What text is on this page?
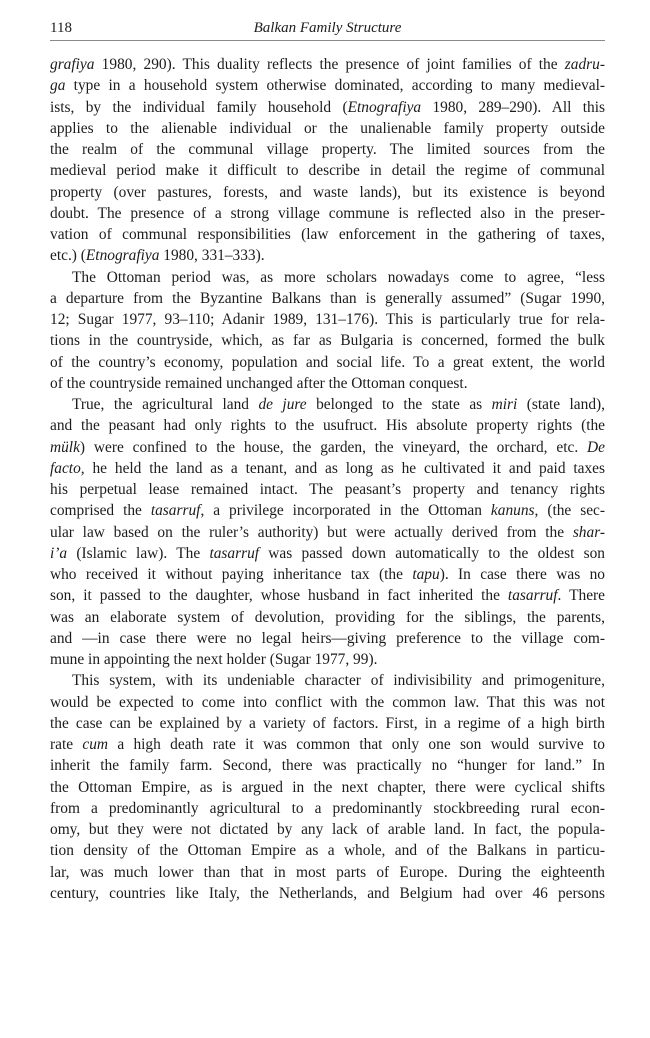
118	Balkan Family Structure
grafiya 1980, 290). This duality reflects the presence of joint families of the zadru-
ga type in a household system otherwise dominated, according to many medieval-
ists, by the individual family household (Etnografiya 1980, 289–290). All this
applies to the alienable individual or the unalienable family property outside
the realm of the communal village property. The limited sources from the
medieval period make it difficult to describe in detail the regime of communal
property (over pastures, forests, and waste lands), but its existence is beyond
doubt. The presence of a strong village commune is reflected also in the preser-
vation of communal responsibilities (law enforcement in the gathering of taxes,
etc.) (Etnografiya 1980, 331–333).
The Ottoman period was, as more scholars nowadays come to agree, “less
a departure from the Byzantine Balkans than is generally assumed” (Sugar 1990,
12; Sugar 1977, 93–110; Adanir 1989, 131–176). This is particularly true for rela-
tions in the countryside, which, as far as Bulgaria is concerned, formed the bulk
of the country’s economy, population and social life. To a great extent, the world
of the countryside remained unchanged after the Ottoman conquest.
True, the agricultural land de jure belonged to the state as miri (state land),
and the peasant had only rights to the usufruct. His absolute property rights (the
mülk) were confined to the house, the garden, the vineyard, the orchard, etc. De
facto, he held the land as a tenant, and as long as he cultivated it and paid taxes
his perpetual lease remained intact. The peasant’s property and tenancy rights
comprised the tasarruf, a privilege incorporated in the Ottoman kanuns, (the sec-
ular law based on the ruler’s authority) but were actually derived from the shar-
i’a (Islamic law). The tasarruf was passed down automatically to the oldest son
who received it without paying inheritance tax (the tapu). In case there was no
son, it passed to the daughter, whose husband in fact inherited the tasarruf. There
was an elaborate system of devolution, providing for the siblings, the parents,
and —in case there were no legal heirs—giving preference to the village com-
mune in appointing the next holder (Sugar 1977, 99).
This system, with its undeniable character of indivisibility and primogeniture,
would be expected to come into conflict with the common law. That this was not
the case can be explained by a variety of factors. First, in a regime of a high birth
rate cum a high death rate it was common that only one son would survive to
inherit the family farm. Second, there was practically no “hunger for land.” In
the Ottoman Empire, as is argued in the next chapter, there were cyclical shifts
from a predominantly agricultural to a predominantly stockbreeding rural econ-
omy, but they were not dictated by any lack of arable land. In fact, the popula-
tion density of the Ottoman Empire as a whole, and of the Balkans in particu-
lar, was much lower than that in most parts of Europe. During the eighteenth
century, countries like Italy, the Netherlands, and Belgium had over 46 persons
